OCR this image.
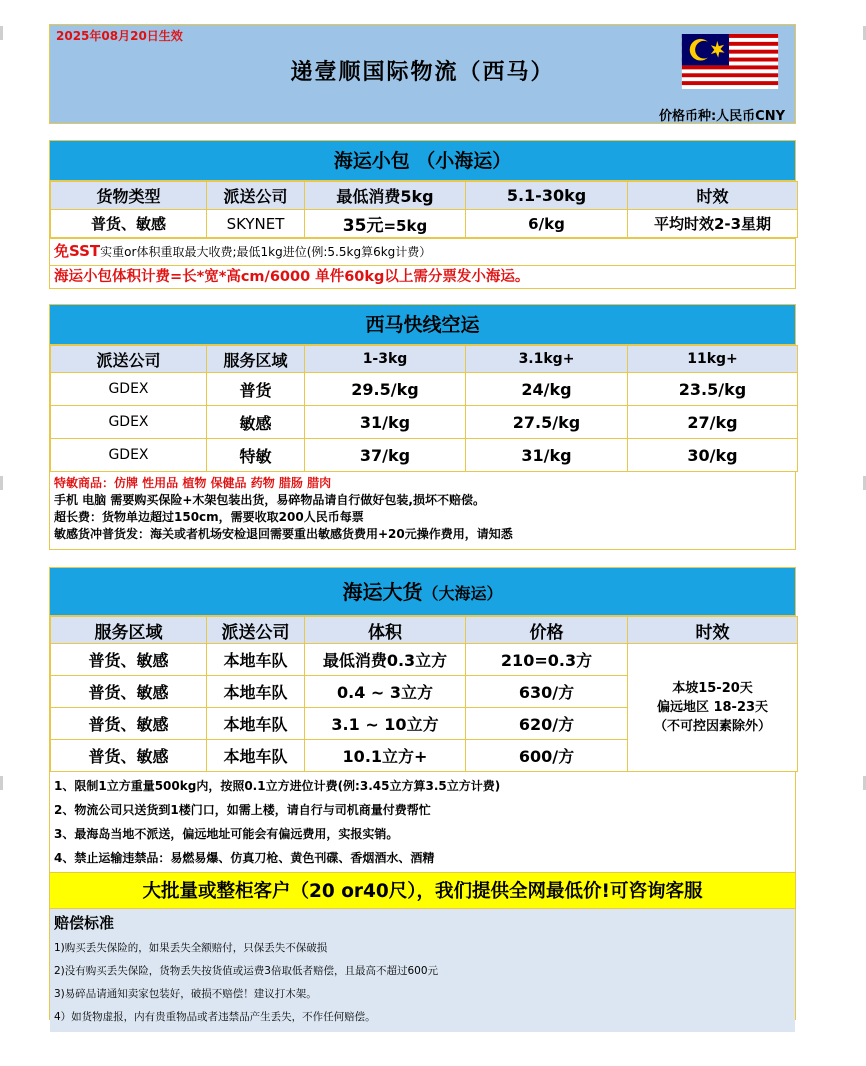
2025年08月20日生效
递壹顺国际物流（西马）
价格币种:人民币CNY
海运小包 （小海运）
货物类型	派送公司	最低消费5kg	5.1-30kg	时效
普货、敏感	SKYNET	35元=5kg	6/kg	平均时效2-3星期
免SST实重or体积重取最大收费;最低1kg进位(例:5.5kg算6kg计费）
海运小包体积计费=长*宽*高cm/6000 单件60kg以上需分票发小海运。
西马快线空运
派送公司	服务区域	1-3kg	3.1kg+	11kg+
GDEX	普货	29.5/kg	24/kg	23.5/kg
GDEX	敏感	31/kg	27.5/kg	27/kg
GDEX	特敏	37/kg	31/kg	30/kg
特敏商品：仿牌 性用品 植物 保健品 药物 腊肠 腊肉
手机 电脑 需要购买保险+木架包装出货，易碎物品请自行做好包装,损坏不赔偿。
超长费：货物单边超过150cm，需要收取200人民币每票
敏感货冲普货发：海关或者机场安检退回需要重出敏感货费用+20元操作费用，请知悉
海运大货（大海运）
服务区域	派送公司	体积	价格	时效
普货、敏感	本地车队	最低消费0.3立方	210=0.3方	本坡15-20天
偏远地区 18-23天
（不可控因素除外）

普货、敏感	本地车队	0.4 ~ 3立方	630/方	
普货、敏感	本地车队	3.1 ~ 10立方	620/方	
普货、敏感	本地车队	10.1立方+	600/方	
1、限制1立方重量500kg内，按照0.1立方进位计费(例:3.45立方算3.5立方计费)
2、物流公司只送货到1楼门口，如需上楼，请自行与司机商量付费帮忙
3、最海岛当地不派送，偏远地址可能会有偏远费用，实报实销。
4、禁止运输违禁品：易燃易爆、仿真刀枪、黄色刊碟、香烟酒水、酒精
大批量或整柜客户（20 or40尺），我们提供全网最低价!可咨询客服
赔偿标准
1)购买丢失保险的，如果丢失全额赔付，只保丢失不保破损
2)没有购买丢失保险，货物丢失按货值或运费3倍取低者赔偿，且最高不超过600元
3)易碎品请通知卖家包装好，破损不赔偿！建议打木架。
4）如货物虚报，内有贵重物品或者违禁品产生丢失，不作任何赔偿。
